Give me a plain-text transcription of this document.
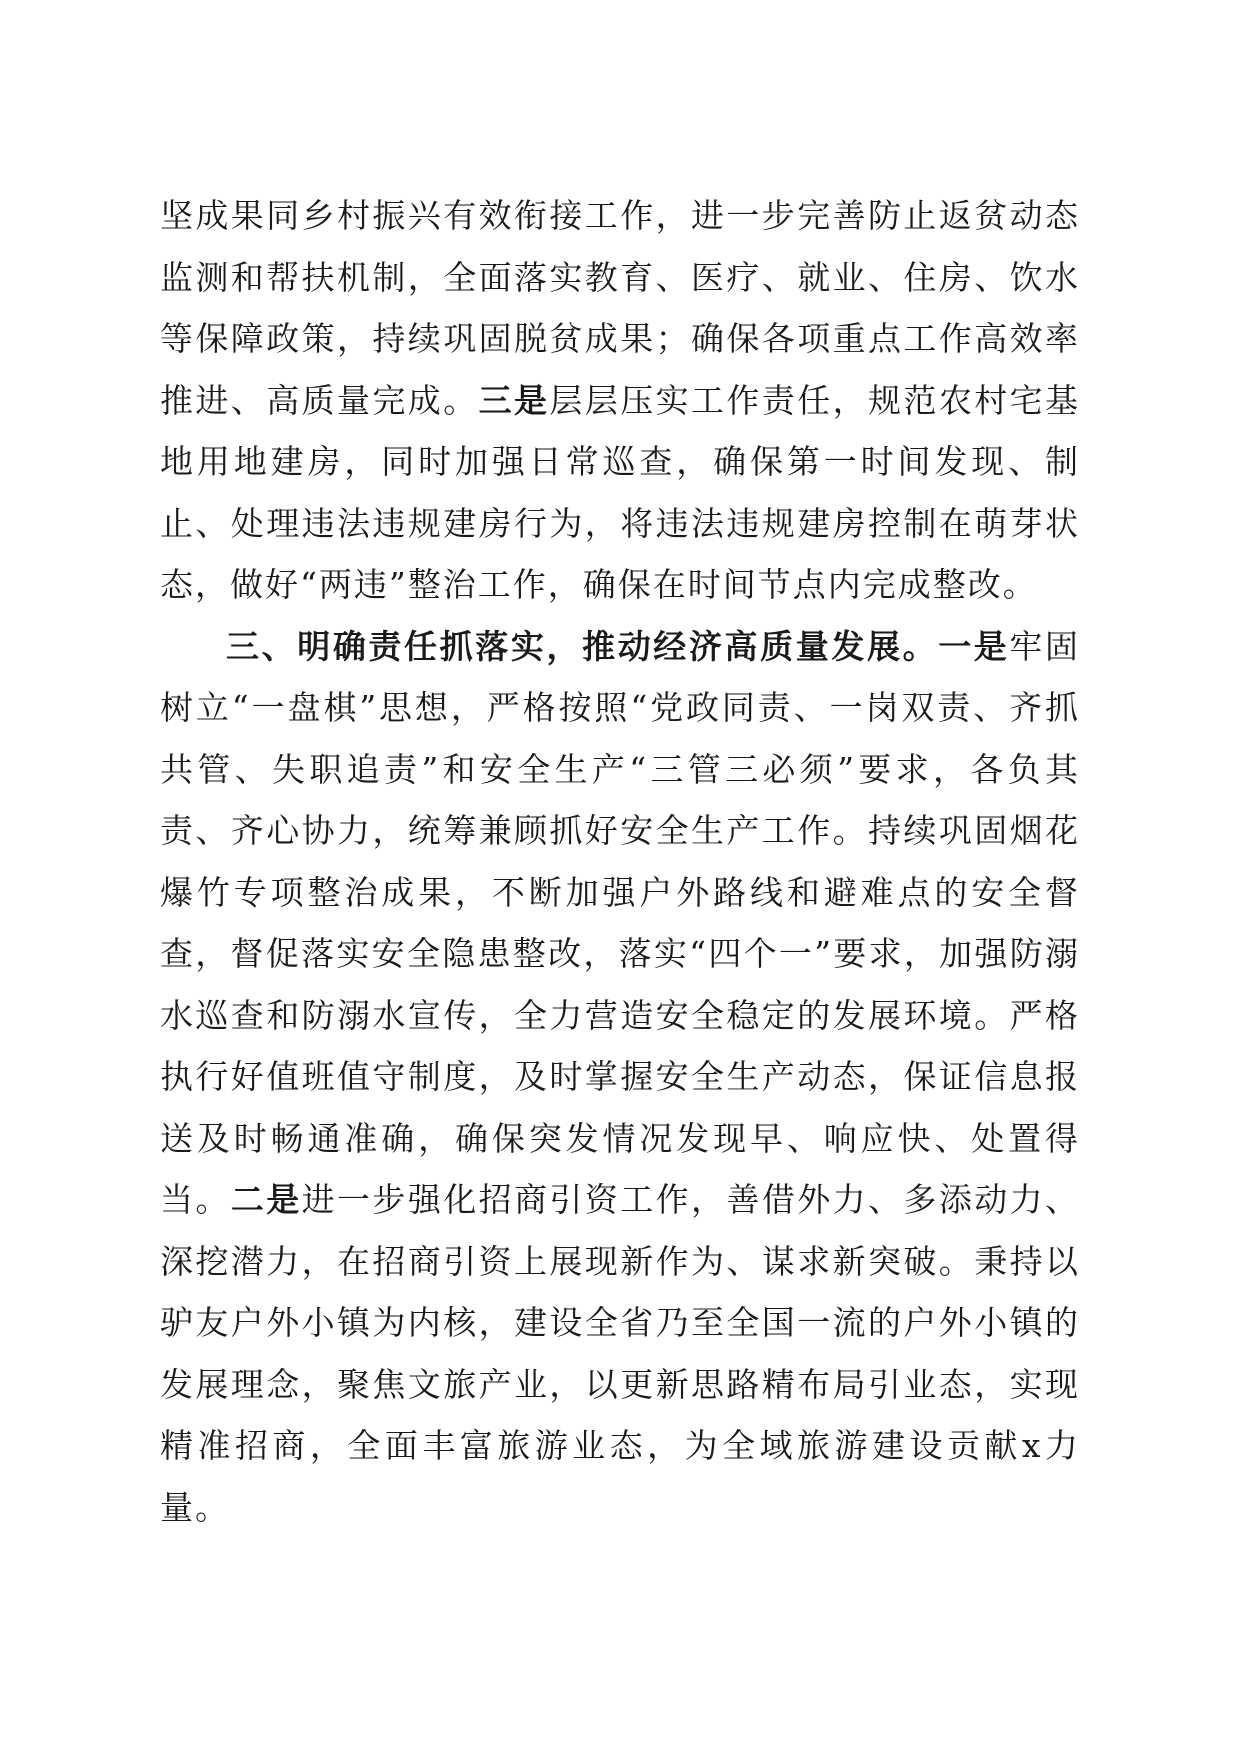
坚成果同乡村振兴有效衔接工作，进一步完善防止返贫动态监测和帮扶机制，全面落实教育、医疗、就业、住房、饮水等保障政策，持续巩固脱贫成果；确保各项重点工作高效率推进、高质量完成。三是层层压实工作责任，规范农村宅基地用地建房，同时加强日常巡查，确保第一时间发现、制止、处理违法违规建房行为，将违法违规建房控制在萌芽状态，做好“两违”整治工作，确保在时间节点内完成整改。

三、明确责任抓落实，推动经济高质量发展。一是牢固树立“一盘棋”思想，严格按照“党政同责、一岗双责、齐抓共管、失职追责”和安全生产“三管三必须”要求，各负其责、齐心协力，统筹兼顾抓好安全生产工作。持续巩固烟花爆竹专项整治成果，不断加强户外路线和避难点的安全督查，督促落实安全隐患整改，落实“四个一”要求，加强防溺水巡查和防溺水宣传，全力营造安全稳定的发展环境。严格执行好值班值守制度，及时掌握安全生产动态，保证信息报送及时畅通准确，确保突发情况发现早、响应快、处置得当。二是进一步强化招商引资工作，善借外力、多添动力、深挖潜力，在招商引资上展现新作为、谋求新突破。秉持以驴友户外小镇为内核，建设全省乃至全国一流的户外小镇的发展理念，聚焦文旅产业，以更新思路精布局引业态，实现精准招商，全面丰富旅游业态，为全域旅游建设贡献x力量。
